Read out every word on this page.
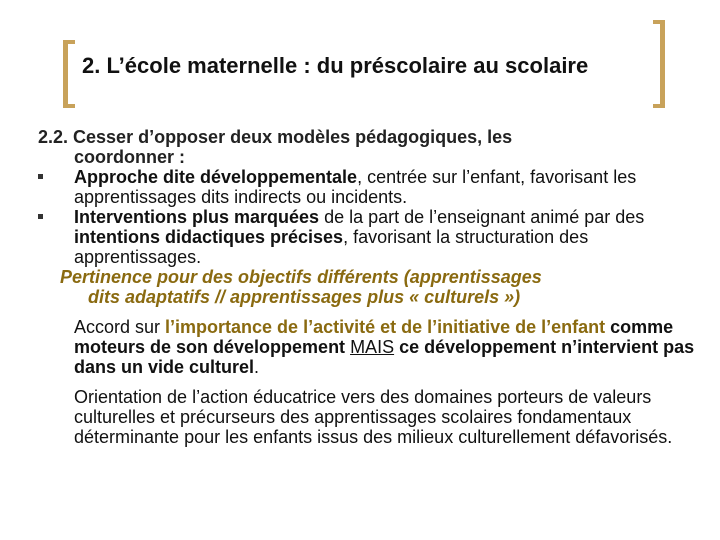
2. L’école maternelle : du préscolaire au scolaire

2.2. Cesser d’opposer deux modèles pédagogiques, les
coordonner :

Approche dite développementale, centrée sur l’enfant, favorisant les apprentissages dits indirects ou incidents.
Interventions plus marquées de la part de l’enseignant animé par des intentions didactiques précises, favorisant la structuration des apprentissages.
Pertinence pour des objectifs différents (apprentissages
dits adaptatifs // apprentissages plus « culturels »)
Accord sur l’importance de l’activité et de l’initiative de l’enfant comme moteurs de son développement MAIS ce développement n’intervient pas dans un vide culturel.
Orientation de l’action éducatrice vers des domaines porteurs de valeurs culturelles et précurseurs des apprentissages scolaires fondamentaux déterminante pour les enfants issus des milieux culturellement défavorisés.
